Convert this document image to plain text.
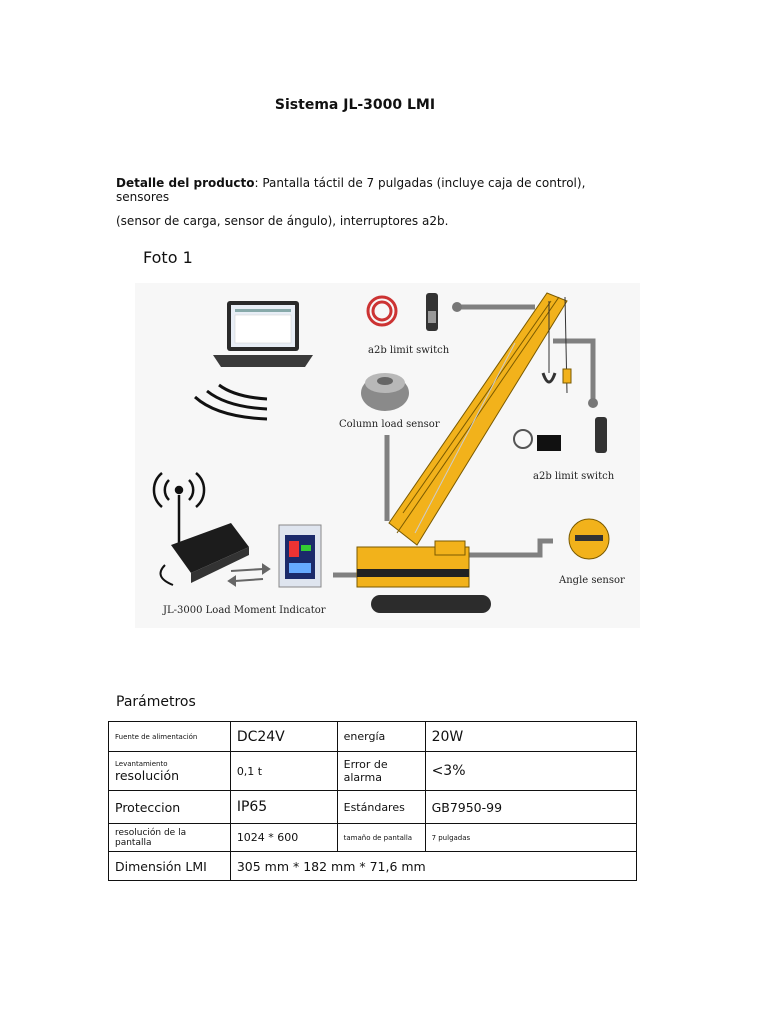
Sistema JL-3000 LMI
Detalle del producto: Pantalla táctil de 7 pulgadas (incluye caja de control), sensores
(sensor de carga, sensor de ángulo), interruptores a2b.
Foto 1
a2b limit switch
Column load sensor
a2b limit switch
Angle sensor
JL-3000 Load Moment Indicator
Parámetros
Fuente de alimentación	DC24V	energía	20W

Levantamiento
resolución	0,1 t	Error de alarma	<3%
Proteccion	IP65	Estándares	GB7950-99
resolución de la pantalla	1024 * 600	tamaño de pantalla	7 pulgadas
Dimensión LMI	305 mm * 182 mm * 71,6 mm		
